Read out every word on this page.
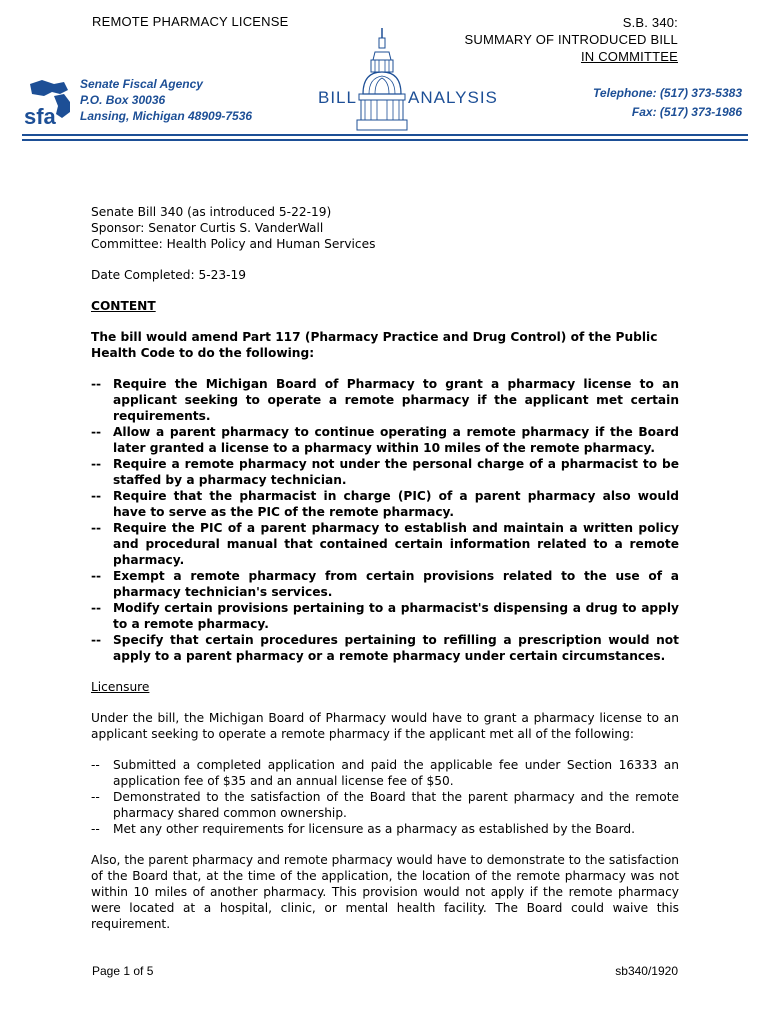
REMOTE PHARMACY LICENSE	S.B. 340:
SUMMARY OF INTRODUCED BILL
IN COMMITTEE
sfa
Senate Fiscal Agency
P.O. Box 30036
Lansing, Michigan 48909-7536
BILL	ANALYSIS	Telephone: (517) 373-5383
Fax: (517) 373-1986

Senate Bill 340 (as introduced 5-22-19)

Sponsor: Senator Curtis S. VanderWall

Committee: Health Policy and Human Services

Date Completed: 5-23-19

CONTENT

The bill would amend Part 117 (Pharmacy Practice and Drug Control) of the Public Health Code to do the following:

-- Require the Michigan Board of Pharmacy to grant a pharmacy license to an applicant seeking to operate a remote pharmacy if the applicant met certain requirements.
-- Allow a parent pharmacy to continue operating a remote pharmacy if the Board later granted a license to a pharmacy within 10 miles of the remote pharmacy.
-- Require a remote pharmacy not under the personal charge of a pharmacist to be staffed by a pharmacy technician.
-- Require that the pharmacist in charge (PIC) of a parent pharmacy also would have to serve as the PIC of the remote pharmacy.
-- Require the PIC of a parent pharmacy to establish and maintain a written policy and procedural manual that contained certain information related to a remote pharmacy.
-- Exempt a remote pharmacy from certain provisions related to the use of a pharmacy technician's services.
-- Modify certain provisions pertaining to a pharmacist's dispensing a drug to apply to a remote pharmacy.
-- Specify that certain procedures pertaining to refilling a prescription would not apply to a parent pharmacy or a remote pharmacy under certain circumstances.

Licensure

Under the bill, the Michigan Board of Pharmacy would have to grant a pharmacy license to an applicant seeking to operate a remote pharmacy if the applicant met all of the following:

-- Submitted a completed application and paid the applicable fee under Section 16333 an application fee of $35 and an annual license fee of $50.
-- Demonstrated to the satisfaction of the Board that the parent pharmacy and the remote pharmacy shared common ownership.
-- Met any other requirements for licensure as a pharmacy as established by the Board.

Also, the parent pharmacy and remote pharmacy would have to demonstrate to the satisfaction of the Board that, at the time of the application, the location of the remote pharmacy was not within 10 miles of another pharmacy. This provision would not apply if the remote pharmacy were located at a hospital, clinic, or mental health facility. The Board could waive this requirement.

Page 1 of 5	sb340/1920
